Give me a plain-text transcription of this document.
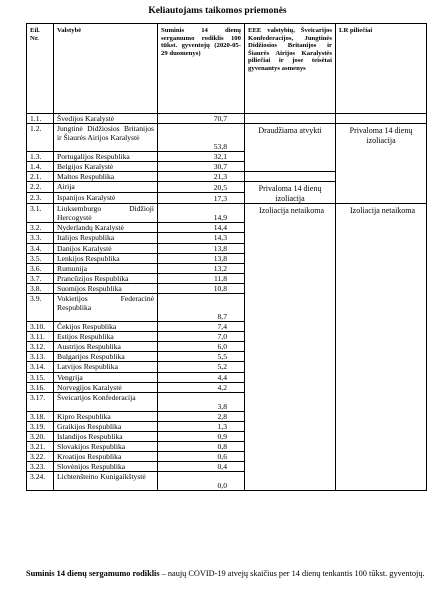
Keliautojams taikomos priemonės
Eil. Nr.	Valstybė	Suminis 14 dienų sergamumo rodiklis 100 tūkst. gyventojų (2020-05-29 duomenys)	EEE valstybių, Šveicarijos Konfederacijos, Jungtinės Didžiosios Britanijos ir Šiaurės Airijos Karalystės piliečiai ir jose teisėtai gyvenantys asmenys	LR piliečiai
1.1.	Švedijos Karalystė	70,7		
1.2.	Jungtinė Didžiosios Britanijos ir Šiaurės Airijos Karalystė	53,8	Draudžiama atvykti	Privaloma 14 dienų izoliacija
1.3.	Portugalijos Respublika	32,1		
1.4.	Belgijos Karalystė	30,7		
2.1.	Maltos Respublika	21,3		
2.2.	Airija	20,5	Privaloma 14 dienų izoliacija	
2.3.	Ispanijos Karalystė	17,3		
3.1.	Liuksemburgo Didžioji Hercogystė	14,9	Izoliacija netaikoma	Izoliacija netaikoma
3.2.	Nyderlandų Karalystė	14,4		
3.3.	Italijos Respublika	14,3		
3.4.	Danijos Karalystė	13,8		
3.5.	Lenkijos Respublika	13,8		
3.6.	Rumunija	13,2		
3.7.	Prancūzijos Respublika	11,8		
3.8.	Suomijos Respublika	10,8		
3.9.	Vokietijos Federacinė Respublika	8,7		
3.10.	Čekijos Respublika	7,4		
3.11.	Estijos Respublika	7,0		
3.12.	Austrijos Respublika	6,0		
3.13.	Bulgarijos Respublika	5,5		
3.14.	Latvijos Respublika	5,2		
3.15.	Vengrija	4,4		
3.16.	Norvegijos Karalystė	4,2		
3.17.	Šveicarijos Konfederacija	3,8		
3.18.	Kipro Respublika	2,8		
3.19.	Graikijos Respublika	1,3		
3.20.	Islandijos Respublika	0,9		
3.21.	Slovakijos Respublika	0,8		
3.22.	Kroatijos Respublika	0,6		
3.23.	Slovėnijos Respublika	0,4		
3.24.	Lichtenšteino Kunigaikštystė	0,0		
Suminis 14 dienų sergamumo rodiklis – naujų COVID-19 atvejų skaičius per 14 dienų tenkantis 100 tūkst. gyventojų.
